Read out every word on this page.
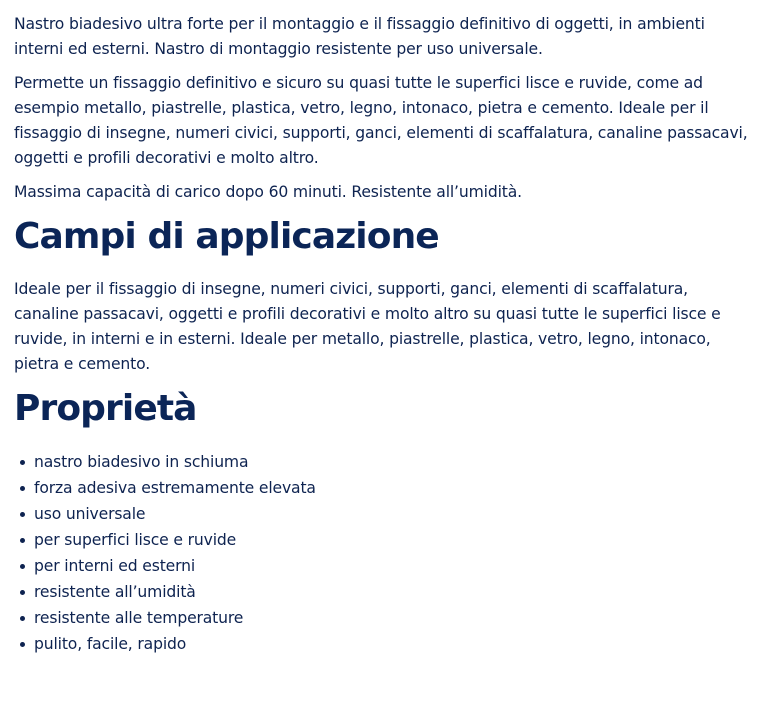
Nastro biadesivo ultra forte per il montaggio e il fissaggio definitivo di oggetti, in ambienti interni ed esterni. Nastro di montaggio resistente per uso universale.

Permette un fissaggio definitivo e sicuro su quasi tutte le superfici lisce e ruvide, come ad esempio metallo, piastrelle, plastica, vetro, legno, intonaco, pietra e cemento. Ideale per il fissaggio di insegne, numeri civici, supporti, ganci, elementi di scaffalatura, canaline passacavi, oggetti e profili decorativi e molto altro.

Massima capacità di carico dopo 60 minuti. Resistente all’umidità.

Campi di applicazione

Ideale per il fissaggio di insegne, numeri civici, supporti, ganci, elementi di scaffalatura, canaline passacavi, oggetti e profili decorativi e molto altro su quasi tutte le superfici lisce e ruvide, in interni e in esterni. Ideale per metallo, piastrelle, plastica, vetro, legno, intonaco, pietra e cemento.

Proprietà
nastro biadesivo in schiuma
forza adesiva estremamente elevata
uso universale
per superfici lisce e ruvide
per interni ed esterni
resistente all’umidità
resistente alle temperature
pulito, facile, rapido
